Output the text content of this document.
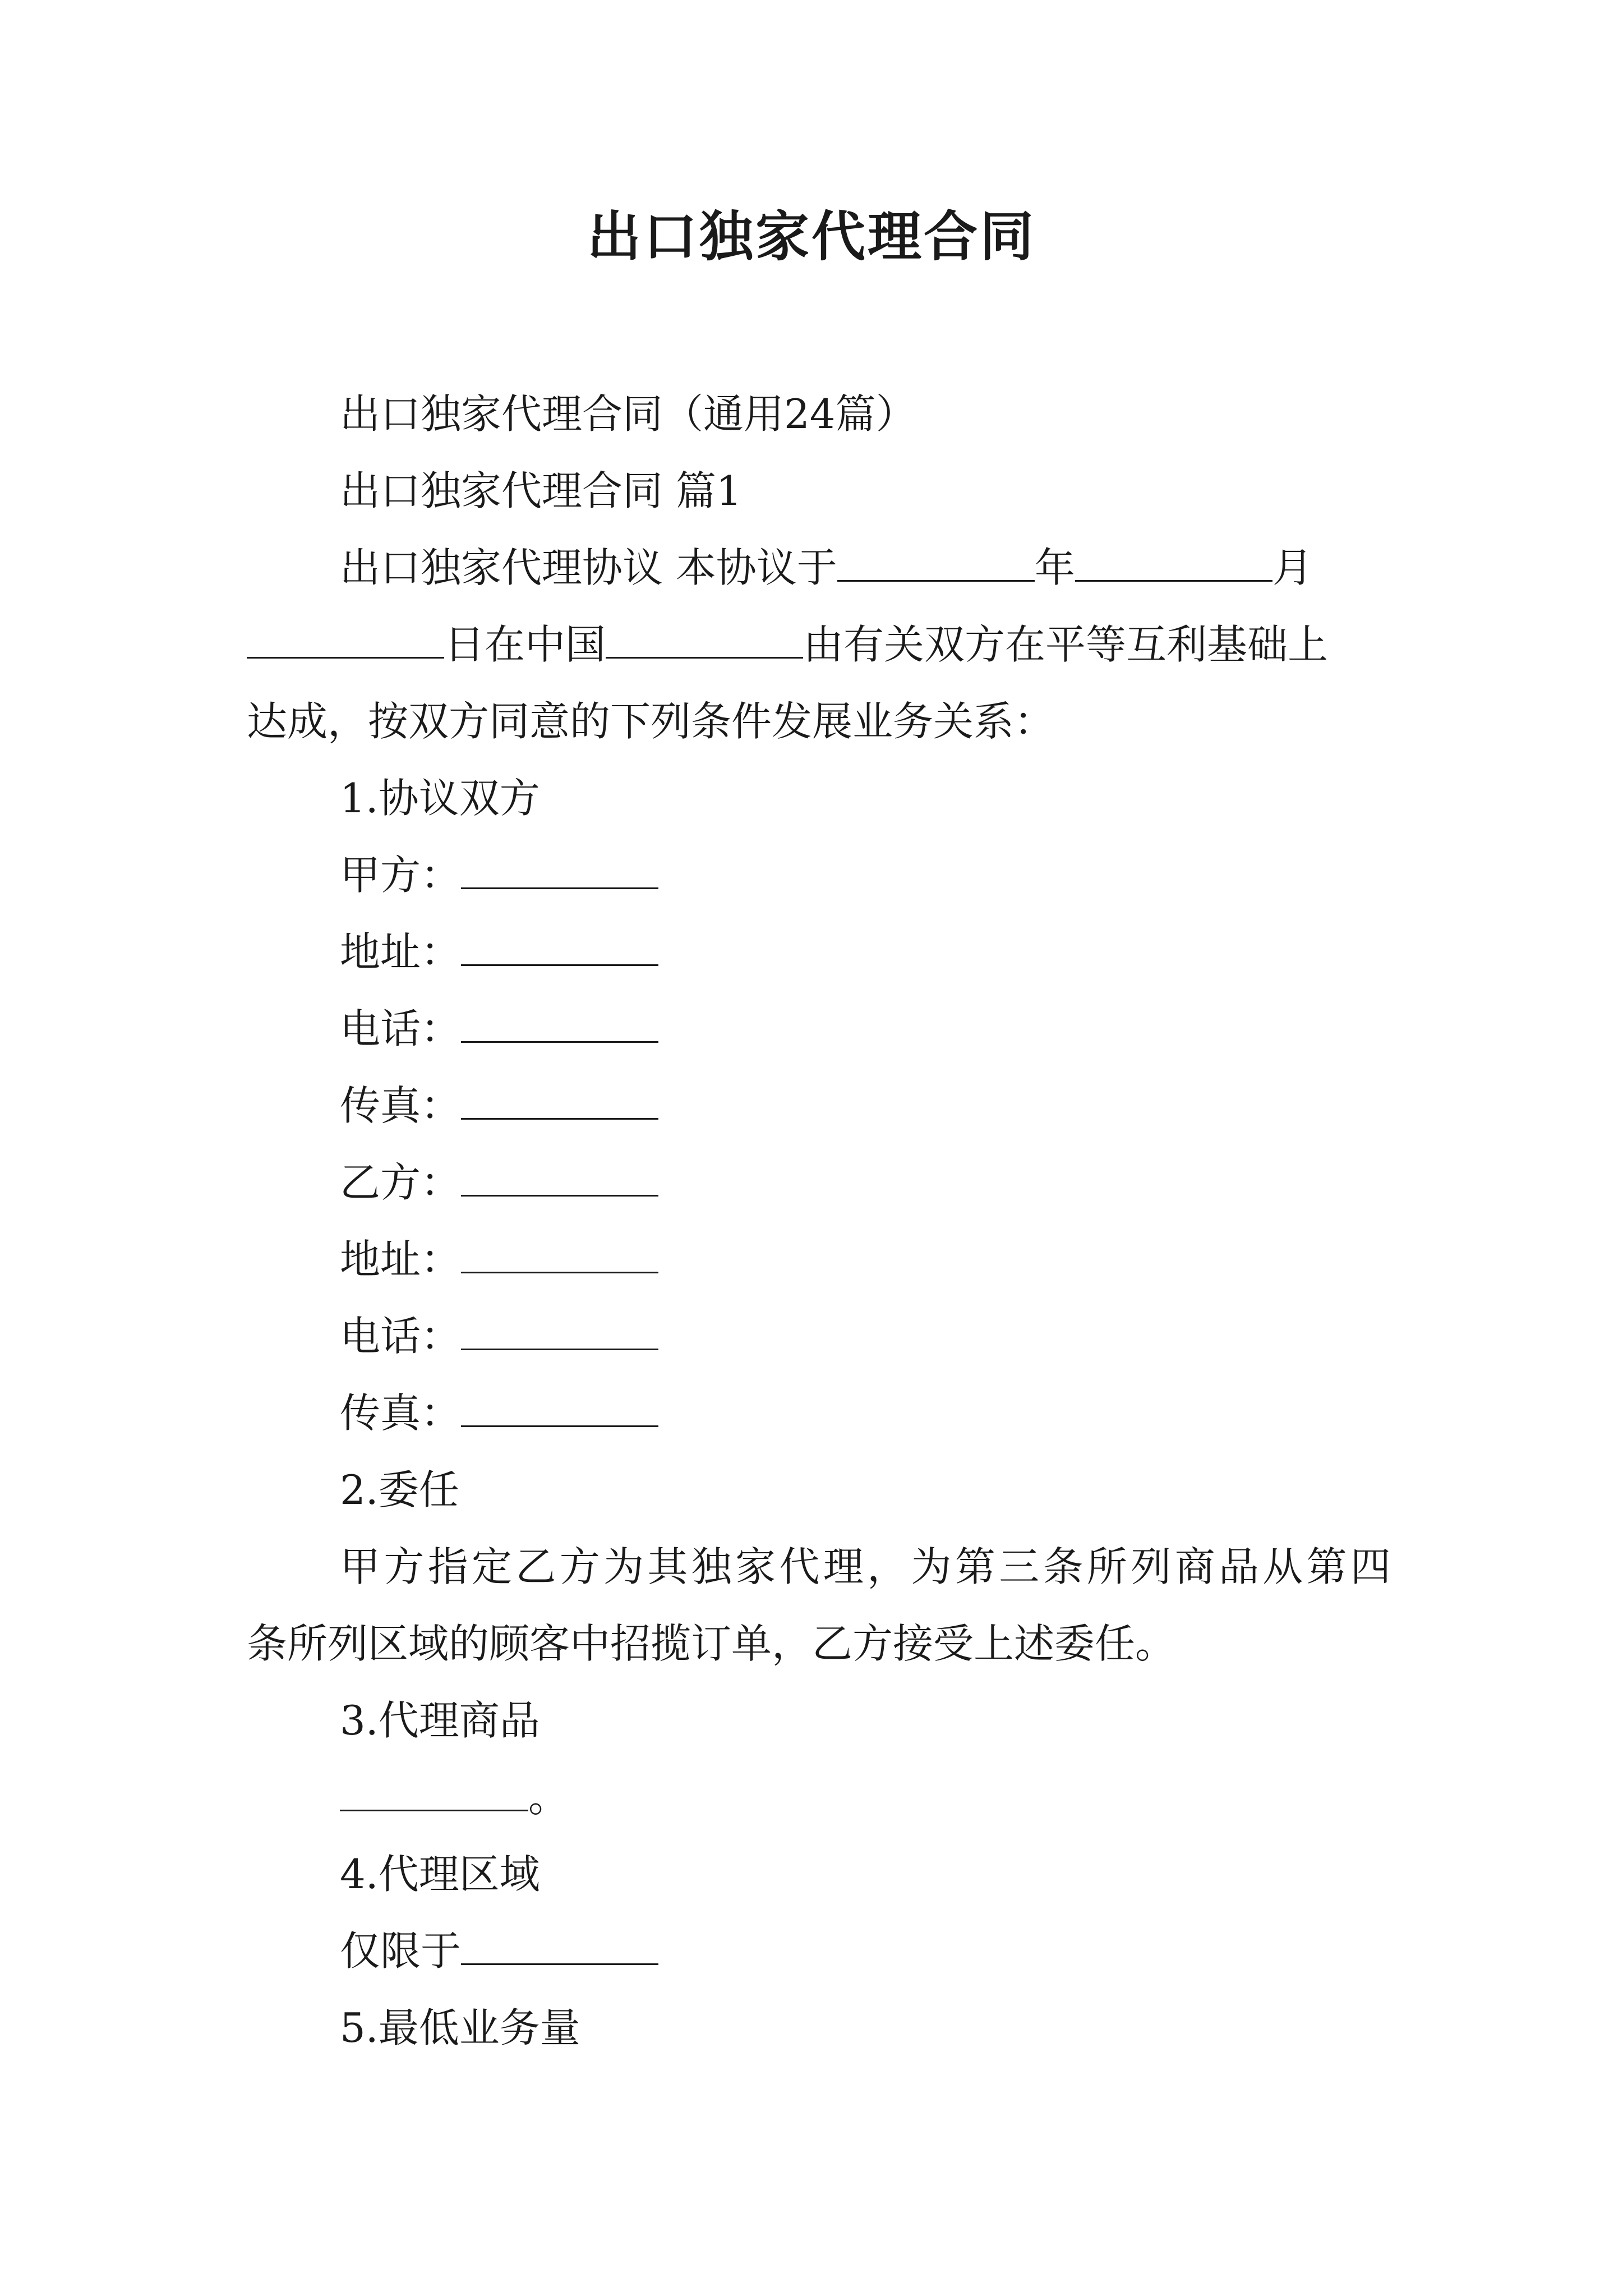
出口独家代理合同
出口独家代理合同（通用24篇）
出口独家代理合同 篇1
出口独家代理协议 本协议于	年	月
日在中国	由有关双方在平等互利基础上
达成，按双方同意的下列条件发展业务关系：
1.协议双方
甲方：
地址：
电话：
传真：
乙方：
地址：
电话：
传真：
2.委任
甲方指定乙方为其独家代理，为第三条所列商品从第四
条所列区域的顾客中招揽订单，乙方接受上述委任。
3.代理商品
。
4.代理区域
仅限于
5.最低业务量
